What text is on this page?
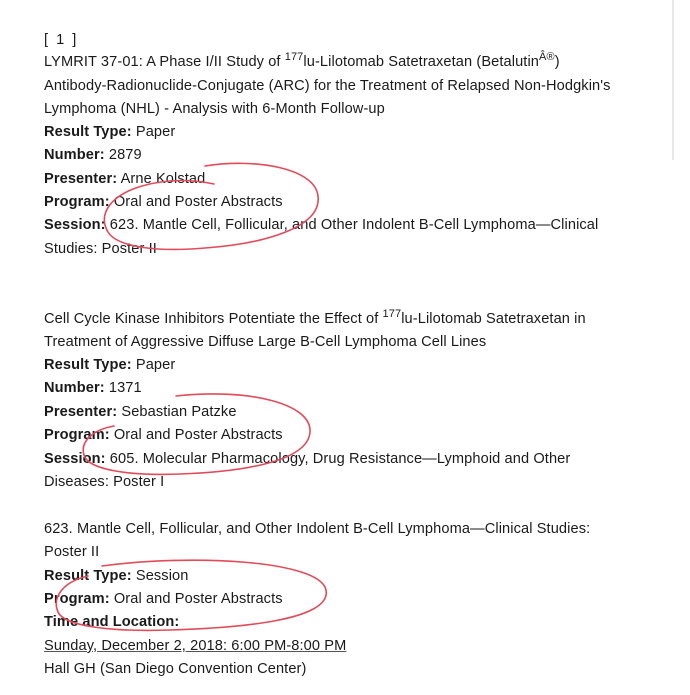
[ 1 ]
LYMRIT 37-01: A Phase I/II Study of $^{177}$lu-Lilotomab Satetraxetan (Betalutin$^{Â®}$)
Antibody-Radionuclide-Conjugate (ARC) for the Treatment of Relapsed Non-Hodgkin's
Lymphoma (NHL) - Analysis with 6-Month Follow-up
Result Type: Paper
Number: 2879
Presenter: Arne Kolstad
Program: Oral and Poster Abstracts
Session: 623. Mantle Cell, Follicular, and Other Indolent B-Cell Lymphoma—Clinical
Studies: Poster II
Cell Cycle Kinase Inhibitors Potentiate the Effect of $^{177}$lu-Lilotomab Satetraxetan in
Treatment of Aggressive Diffuse Large B-Cell Lymphoma Cell Lines
Result Type: Paper
Number: 1371
Presenter: Sebastian Patzke
Program: Oral and Poster Abstracts
Session: 605. Molecular Pharmacology, Drug Resistance—Lymphoid and Other
Diseases: Poster I
623. Mantle Cell, Follicular, and Other Indolent B-Cell Lymphoma—Clinical Studies:
Poster II
Result Type: Session
Program: Oral and Poster Abstracts
Time and Location:
Sunday, December 2, 2018: 6:00 PM-8:00 PM
Hall GH (San Diego Convention Center)
